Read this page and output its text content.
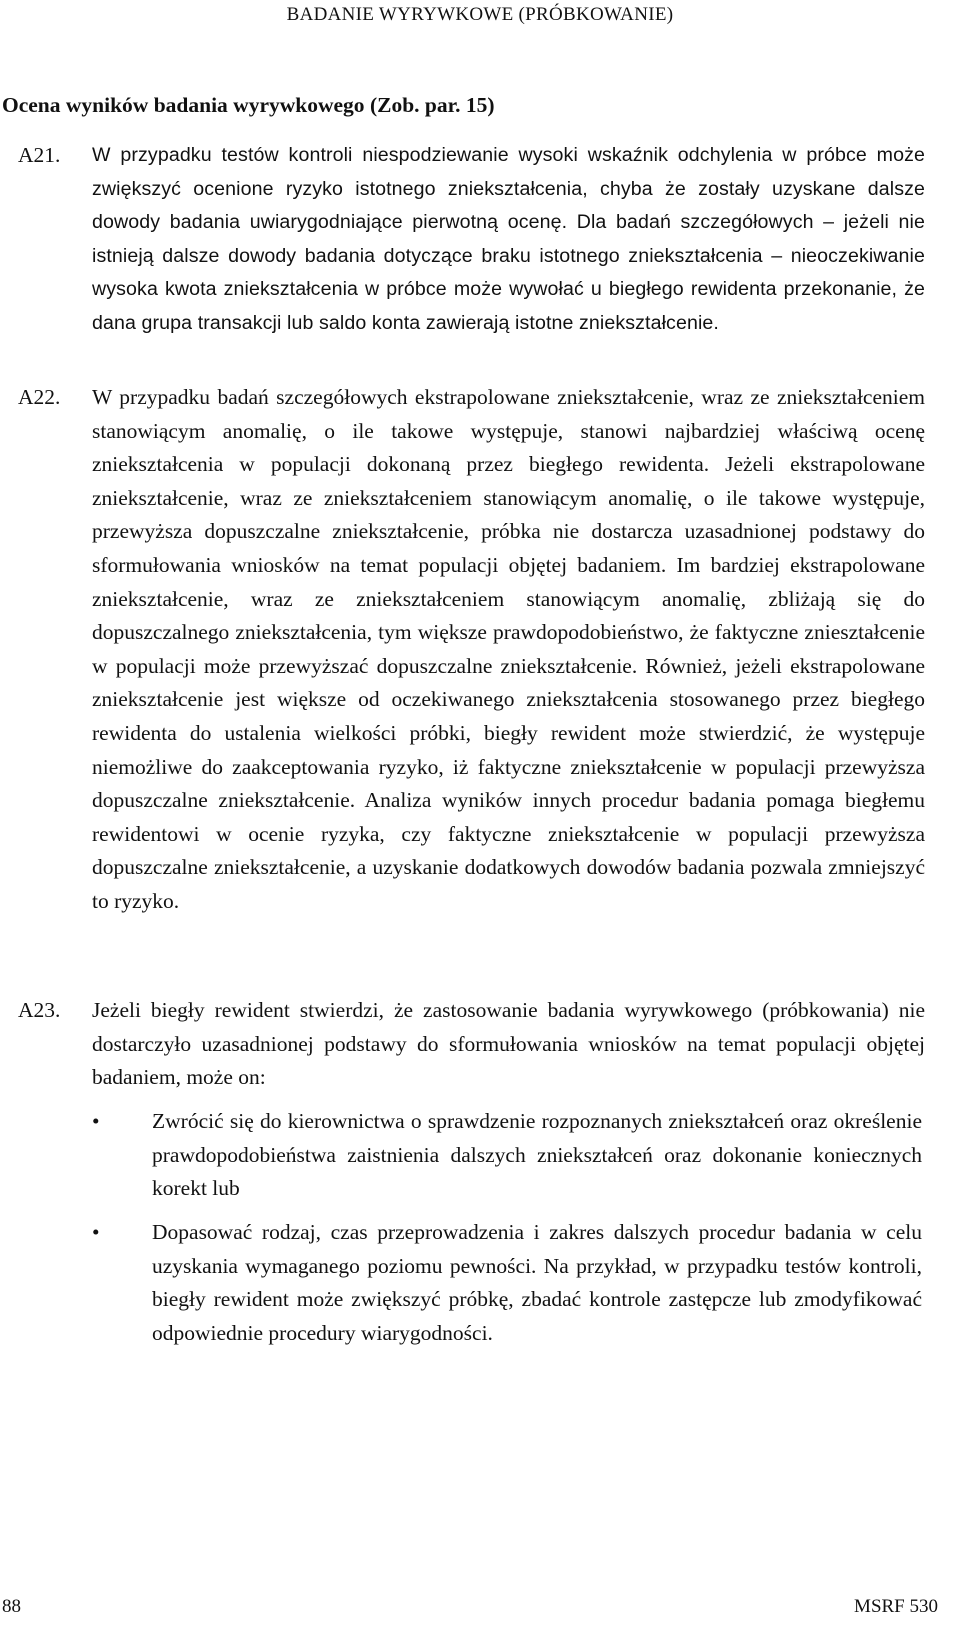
BADANIE WYRYWKOWE (PRÓBKOWANIE)
Ocena wyników badania wyrywkowego (Zob. par. 15)
A21. W przypadku testów kontroli niespodziewanie wysoki wskaźnik odchylenia w próbce może zwiększyć ocenione ryzyko istotnego zniekształcenia, chyba że zostały uzyskane dalsze dowody badania uwiarygodniające pierwotną ocenę. Dla badań szczegółowych – jeżeli nie istnieją dalsze dowody badania dotyczące braku istotnego zniekształcenia – nieoczekiwanie wysoka kwota zniekształcenia w próbce może wywołać u biegłego rewidenta przekonanie, że dana grupa transakcji lub saldo konta zawierają istotne zniekształcenie.
A22. W przypadku badań szczegółowych ekstrapolowane zniekształcenie, wraz ze zniekształceniem stanowiącym anomalię, o ile takowe występuje, stanowi najbardziej właściwą ocenę zniekształcenia w populacji dokonaną przez biegłego rewidenta. Jeżeli ekstrapolowane zniekształcenie, wraz ze zniekształceniem stanowiącym anomalię, o ile takowe występuje, przewyższa dopuszczalne zniekształcenie, próbka nie dostarcza uzasadnionej podstawy do sformułowania wniosków na temat populacji objętej badaniem. Im bardziej ekstrapolowane zniekształcenie, wraz ze zniekształceniem stanowiącym anomalię, zbliżają się do dopuszczalnego zniekształcenia, tym większe prawdopodobieństwo, że faktyczne znieształcenie w populacji może przewyższać dopuszczalne zniekształcenie. Również, jeżeli ekstrapolowane zniekształcenie jest większe od oczekiwanego zniekształcenia stosowanego przez biegłego rewidenta do ustalenia wielkości próbki, biegły rewident może stwierdzić, że występuje niemożliwe do zaakceptowania ryzyko, iż faktyczne zniekształcenie w populacji przewyższa dopuszczalne zniekształcenie. Analiza wyników innych procedur badania pomaga biegłemu rewidentowi w ocenie ryzyka, czy faktyczne zniekształcenie w populacji przewyższa dopuszczalne zniekształcenie, a uzyskanie dodatkowych dowodów badania pozwala zmniejszyć to ryzyko.
A23. Jeżeli biegły rewident stwierdzi, że zastosowanie badania wyrywkowego (próbkowania) nie dostarczyło uzasadnionej podstawy do sformułowania wniosków na temat populacji objętej badaniem, może on:
• Zwrócić się do kierownictwa o sprawdzenie rozpoznanych zniekształceń oraz określenie prawdopodobieństwa zaistnienia dalszych zniekształceń oraz dokonanie koniecznych korekt lub
• Dopasować rodzaj, czas przeprowadzenia i zakres dalszych procedur badania w celu uzyskania wymaganego poziomu pewności. Na przykład, w przypadku testów kontroli, biegły rewident może zwiększyć próbkę, zbadać kontrole zastępcze lub zmodyfikować odpowiednie procedury wiarygodności.
88	MSRF 530
